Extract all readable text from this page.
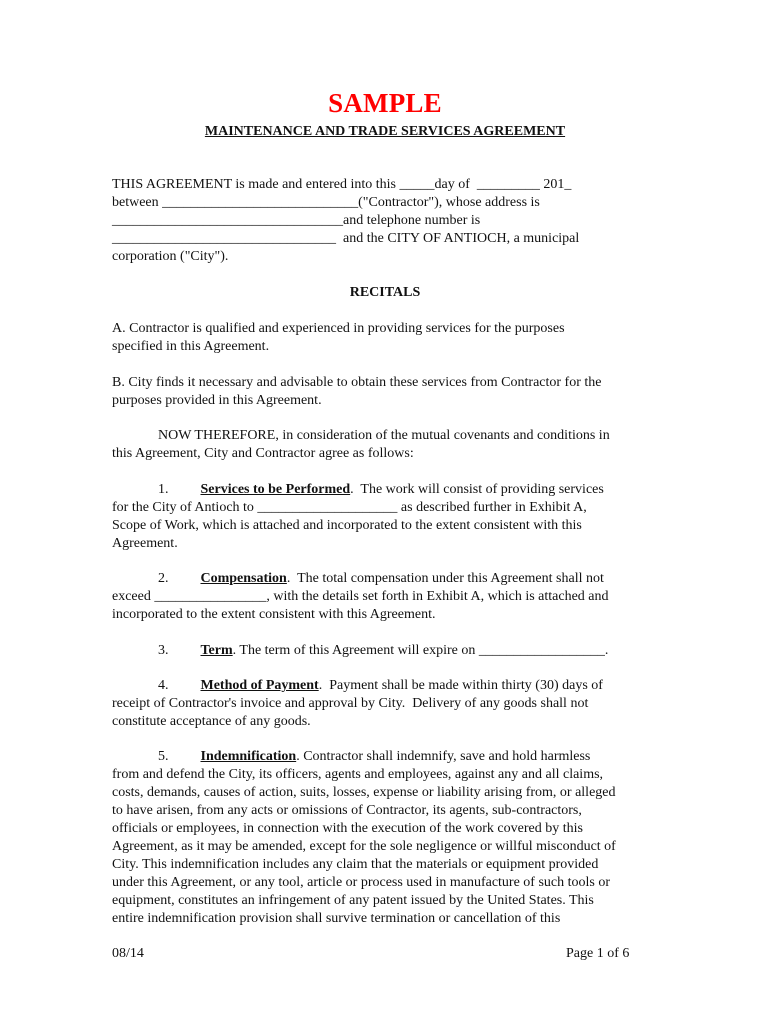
SAMPLE
MAINTENANCE AND TRADE SERVICES AGREEMENT
THIS AGREEMENT is made and entered into this _____day of  _________ 201_
between ____________________________("Contractor"), whose address is
_________________________________and telephone number is
________________________________  and the CITY OF ANTIOCH, a municipal
corporation ("City").
RECITALS
A. Contractor is qualified and experienced in providing services for the purposes
specified in this Agreement.
B. City finds it necessary and advisable to obtain these services from Contractor for the
purposes provided in this Agreement.
NOW THEREFORE, in consideration of the mutual covenants and conditions in
this Agreement, City and Contractor agree as follows:
1. Services to be Performed.  The work will consist of providing services
for the City of Antioch to ____________________ as described further in Exhibit A,
Scope of Work, which is attached and incorporated to the extent consistent with this
Agreement.
2. Compensation.  The total compensation under this Agreement shall not
exceed ________________, with the details set forth in Exhibit A, which is attached and
incorporated to the extent consistent with this Agreement.
3. Term. The term of this Agreement will expire on __________________.
4. Method of Payment.  Payment shall be made within thirty (30) days of
receipt of Contractor's invoice and approval by City.  Delivery of any goods shall not
constitute acceptance of any goods.
5. Indemnification. Contractor shall indemnify, save and hold harmless
from and defend the City, its officers, agents and employees, against any and all claims,
costs, demands, causes of action, suits, losses, expense or liability arising from, or alleged
to have arisen, from any acts or omissions of Contractor, its agents, sub-contractors,
officials or employees, in connection with the execution of the work covered by this
Agreement, as it may be amended, except for the sole negligence or willful misconduct of
City. This indemnification includes any claim that the materials or equipment provided
under this Agreement, or any tool, article or process used in manufacture of such tools or
equipment, constitutes an infringement of any patent issued by the United States. This
entire indemnification provision shall survive termination or cancellation of this
08/14	Page 1 of 6
